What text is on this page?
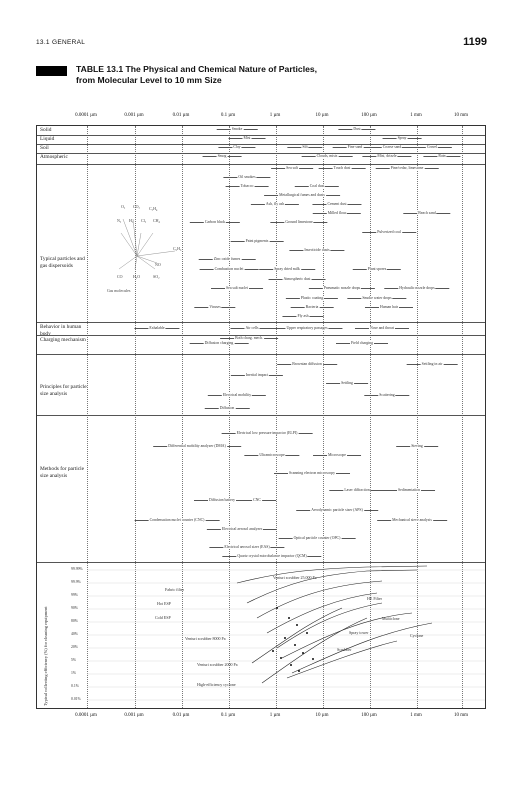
13.1 GENERAL	1199
TABLE 13.1 The Physical and Chemical Nature of Particles,
from Molecular Level to 10 mm Size
0.0001 µm	0.001 µm	0.01 µm	0.1 µm	1 µm	10 µm	100 µm	1 mm	10 mm
Solid	Smoke	Dust
Liquid	Mist	Spray
Soil	Clay	Silt	Fine sand	Coarse sand	Gravel
Atmospheric	Smog	Clouds, mists	Mist, drizzle	Rain
Typical particles and gas dispersoids
O₂ CO₂
N₂	CH₄
H₂ Cl₂
C₆H₆
NO
H₂O	SO₂
C₂H₄
CO
Gas molecules
Sea salt	Touch dust	Pine/cedar, limestone
Oil smokes
Tobacco	Coal dust
Metallurgical fumes and dusts
Ash, fly ash	Cement dust
Milled flour	Beach sand
Carbon black	Ground limestone
Pulverized coal
Paint pigments
Insecticide dusts
Zinc oxide fumes
Combustion nuclei	Spray dried milk	Plant spores
Atmospheric dust
Sea salt nuclei	Pneumatic nozzle drops	Hydraulic nozzle drops
Plastic coating	Smoke water drops
Viruses	Bacteria	Human hair
Fly ash
Behavior in human body
Exhalable	Air cells	Upper respiratory passages	Nose and throat
Charging mechanism	Diffusion charging
Both charg. mech.
Field charging
Principles for particle size analysis
Brownian diffusion
Inertial impact
Settling
Electrical mobility
Diffusion
Scattering
Settling in air
Methods for particle size analysis	Scanning electron microscopy
Electrical low pressure impactor (ELPI)
Differential mobility analyzer (DMA)
Ultramicroscope	Microscope
Sieving
Sedimentation
Diffusion battery	CNC
Aerodynamic particle sizer (APS)
Condensation nuclei counter (CNC)
Electrical aerosol analyzer
Optical particle counter (OPC)
Electrical aerosol sizer (EAS)
Quartz crystal microbalance impactor (QCM)
Laser diffraction
Mechanical sieve analysis
Typical collecting efficiency (%) for cleaning equipment
99.99%
99.9%
99%
90%
80%
40%
20%
5%
1%
0.1%
0.01%
Fabric filter
Venturi scrubber 25,000 Pa
Hot ESP
Cold ESP
HE Filter
Multiclone
Cyclone
Scrubber
Venturi scrubber 8000 Pa
Venturi scrubber 2000 Pa
High-efficiency cyclone
Spray tower
0.0001 µm	0.001 µm	0.01 µm	0.1 µm	1 µm	10 µm	100 µm	1 mm	10 mm
